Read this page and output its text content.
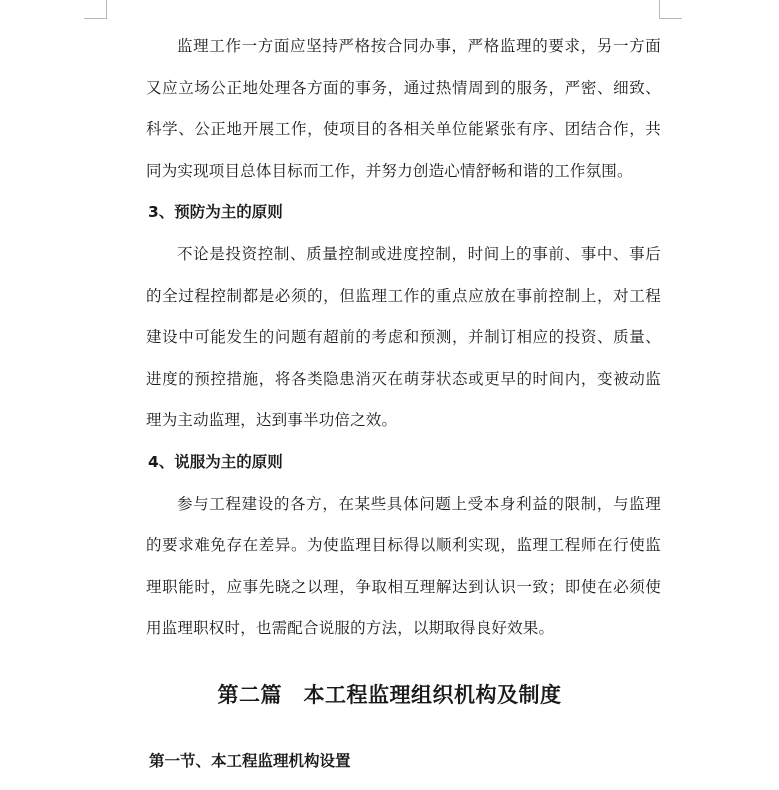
监理工作一方面应坚持严格按合同办事，严格监理的要求，另一方面又应立场公正地处理各方面的事务，通过热情周到的服务，严密、细致、科学、公正地开展工作，使项目的各相关单位能紧张有序、团结合作，共同为实现项目总体目标而工作，并努力创造心情舒畅和谐的工作氛围。

3、预防为主的原则

不论是投资控制、质量控制或进度控制，时间上的事前、事中、事后的全过程控制都是必须的，但监理工作的重点应放在事前控制上，对工程建设中可能发生的问题有超前的考虑和预测，并制订相应的投资、质量、进度的预控措施，将各类隐患消灭在萌芽状态或更早的时间内，变被动监理为主动监理，达到事半功倍之效。

4、说服为主的原则

参与工程建设的各方，在某些具体问题上受本身利益的限制，与监理的要求难免存在差异。为使监理目标得以顺利实现，监理工程师在行使监理职能时，应事先晓之以理，争取相互理解达到认识一致；即使在必须使用监理职权时，也需配合说服的方法，以期取得良好效果。

第二篇　本工程监理组织机构及制度
第一节、本工程监理机构设置
